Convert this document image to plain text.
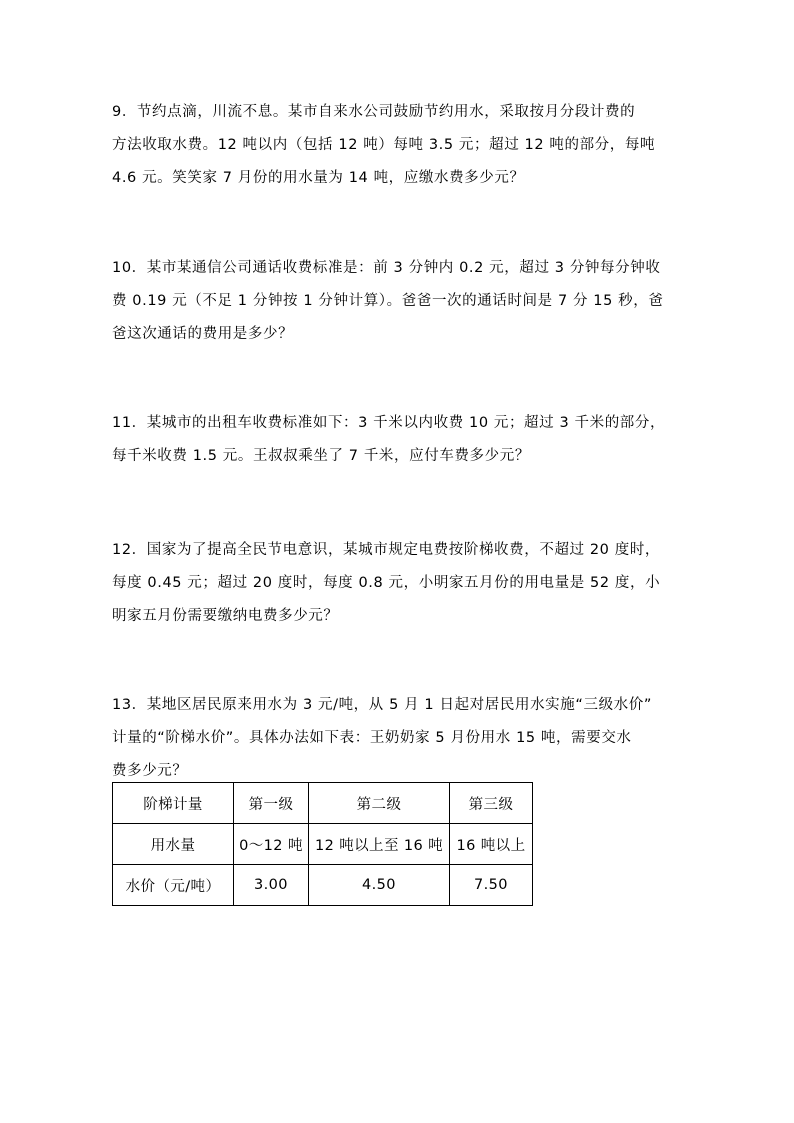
9．节约点滴，川流不息。某市自来水公司鼓励节约用水，采取按月分段计费的

方法收取水费。12 吨以内（包括 12 吨）每吨 3.5 元；超过 12 吨的部分，每吨

4.6 元。笑笑家 7 月份的用水量为 14 吨，应缴水费多少元？

10．某市某通信公司通话收费标准是：前 3 分钟内 0.2 元，超过 3 分钟每分钟收

费 0.19 元（不足 1 分钟按 1 分钟计算）。爸爸一次的通话时间是 7 分 15 秒，爸

爸这次通话的费用是多少？

11．某城市的出租车收费标准如下：3 千米以内收费 10 元；超过 3 千米的部分，

每千米收费 1.5 元。王叔叔乘坐了 7 千米，应付车费多少元？

12．国家为了提高全民节电意识，某城市规定电费按阶梯收费，不超过 20 度时，

每度 0.45 元；超过 20 度时，每度 0.8 元，小明家五月份的用电量是 52 度，小

明家五月份需要缴纳电费多少元？

13．某地区居民原来用水为 3 元/吨，从 5 月 1 日起对居民用水实施“三级水价”

计量的“阶梯水价”。具体办法如下表：王奶奶家 5 月份用水 15 吨，需要交水

费多少元？

阶梯计量	第一级	第二级	第三级
用水量	0～12 吨	12 吨以上至 16 吨	16 吨以上
水价（元/吨）	3.00	4.50	7.50
